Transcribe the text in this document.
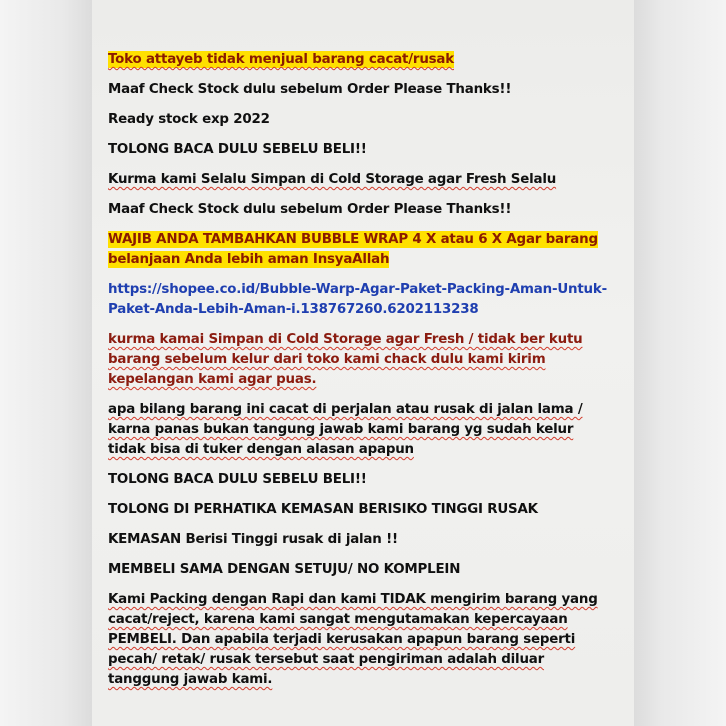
Toko attayeb tidak menjual barang cacat/rusak

Maaf Check Stock dulu sebelum Order Please Thanks!!

Ready stock exp 2022

TOLONG BACA DULU SEBELU BELI!!

Kurma kami Selalu Simpan di Cold Storage agar Fresh Selalu

Maaf Check Stock dulu sebelum Order Please Thanks!!

WAJIB ANDA TAMBAHKAN BUBBLE WRAP 4 X atau 6 X Agar barang belanjaan Anda lebih aman InsyaAllah

https://shopee.co.id/Bubble-Warp-Agar-Paket-Packing-Aman-Untuk-Paket-Anda-Lebih-Aman-i.138767260.6202113238

kurma kamai Simpan di Cold Storage agar Fresh / tidak ber kutu barang sebelum kelur dari toko kami chack dulu kami kirim kepelangan kami agar puas.

apa bilang barang ini cacat di perjalan atau rusak di jalan lama / karna panas bukan tangung jawab kami barang yg sudah kelur tidak bisa di tuker dengan alasan apapun

TOLONG BACA DULU SEBELU BELI!!

TOLONG DI PERHATIKA KEMASAN BERISIKO TINGGI RUSAK

KEMASAN Berisi Tinggi rusak di jalan !!

MEMBELI SAMA DENGAN SETUJU/ NO KOMPLEIN

Kami Packing dengan Rapi dan kami TIDAK mengirim barang yang cacat/reject, karena kami sangat mengutamakan kepercayaan PEMBELI. Dan apabila terjadi kerusakan apapun barang seperti pecah/ retak/ rusak tersebut saat pengiriman adalah diluar tanggung jawab kami.
